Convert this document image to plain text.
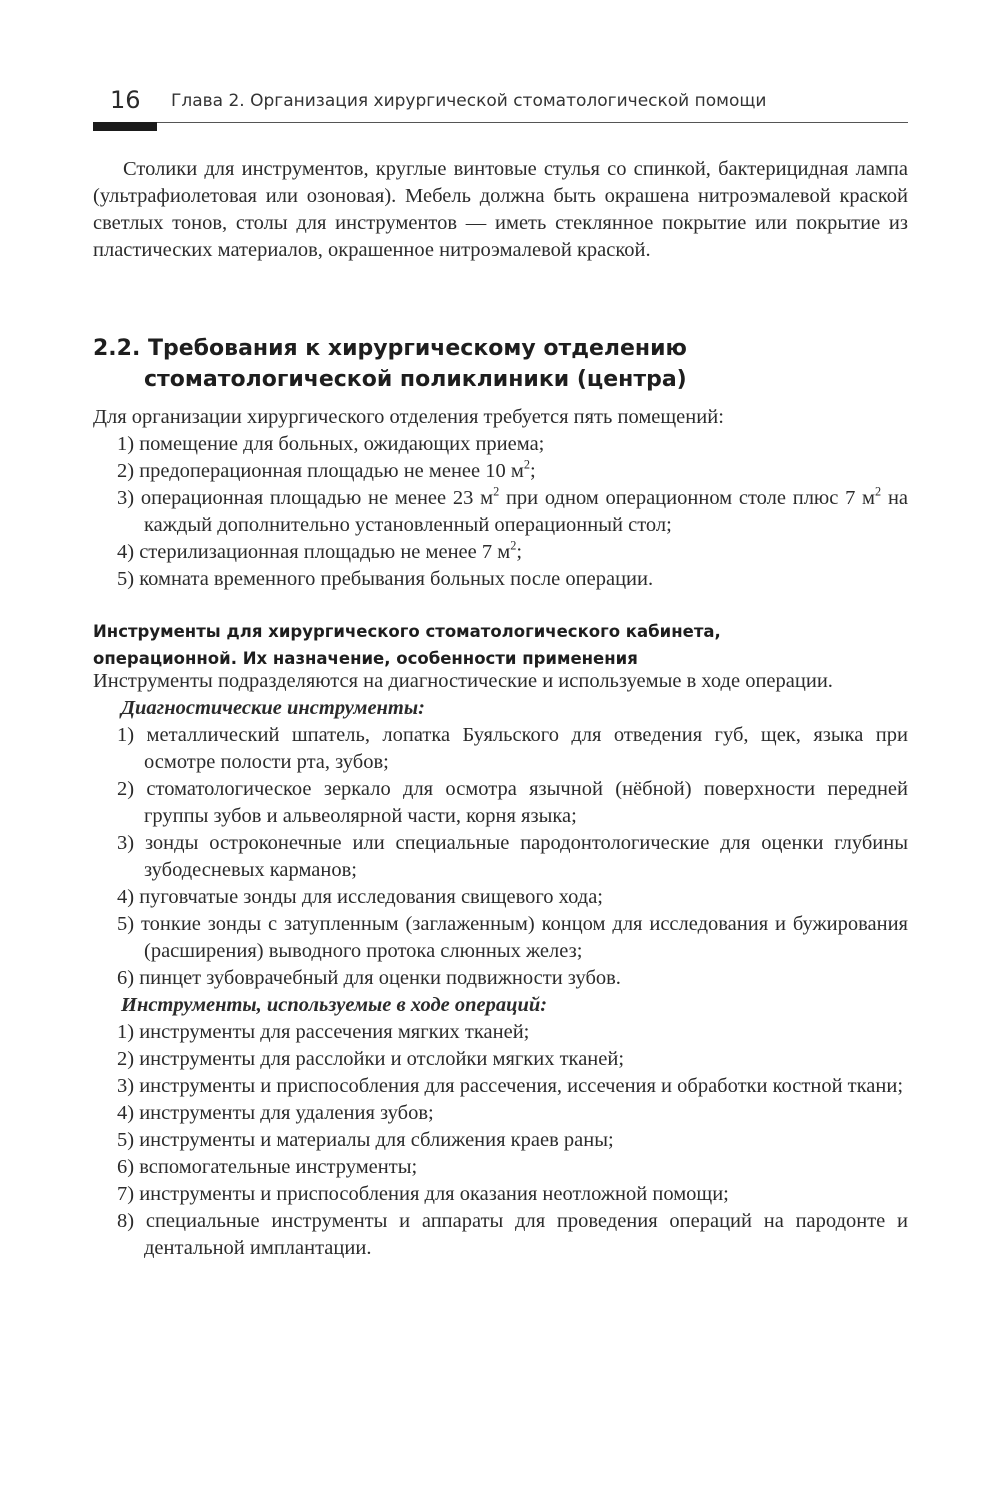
16 Глава 2. Организация хирургической стоматологической помощи

Столики для инструментов, круглые винтовые стулья со спинкой, бактерицидная лампа (ультрафиолетовая или озоновая). Мебель должна быть окрашена нитроэмалевой краской светлых тонов, столы для инструментов — иметь стеклянное покрытие или покрытие из пластических материалов, окрашенное нитроэмалевой краской.

2.2. Требования к хирургическому отделению
стоматологической поликлиники (центра)
Для организации хирургического отделения требуется пять помещений:
1) помещение для больных, ожидающих приема;
2) предоперационная площадью не менее 10 $м^2$;
3) операционная площадью не менее 23 $м^2$ при одном операционном столе плюс 7 $м^2$ на каждый дополнительно установленный операционный стол;
4) стерилизационная площадью не менее 7 $м^2$;
5) комната временного пребывания больных после операции.
Инструменты для хирургического стоматологического кабинета,
операционной. Их назначение, особенности применения
Инструменты подразделяются на диагностические и используемые в ходе операции.
Диагностические инструменты:
1) металлический шпатель, лопатка Буяльского для отведения губ, щек, языка при осмотре полости рта, зубов;
2) стоматологическое зеркало для осмотра язычной (нёбной) поверхности передней группы зубов и альвеолярной части, корня языка;
3) зонды остроконечные или специальные пародонтологические для оценки глубины зубодесневых карманов;
4) пуговчатые зонды для исследования свищевого хода;
5) тонкие зонды с затупленным (заглаженным) концом для исследования и бужирования (расширения) выводного протока слюнных желез;
6) пинцет зубоврачебный для оценки подвижности зубов.
Инструменты, используемые в ходе операций:
1) инструменты для рассечения мягких тканей;
2) инструменты для расслойки и отслойки мягких тканей;
3) инструменты и приспособления для рассечения, иссечения и обработки костной ткани;
4) инструменты для удаления зубов;
5) инструменты и материалы для сближения краев раны;
6) вспомогательные инструменты;
7) инструменты и приспособления для оказания неотложной помощи;
8) специальные инструменты и аппараты для проведения операций на пародонте и дентальной имплантации.
